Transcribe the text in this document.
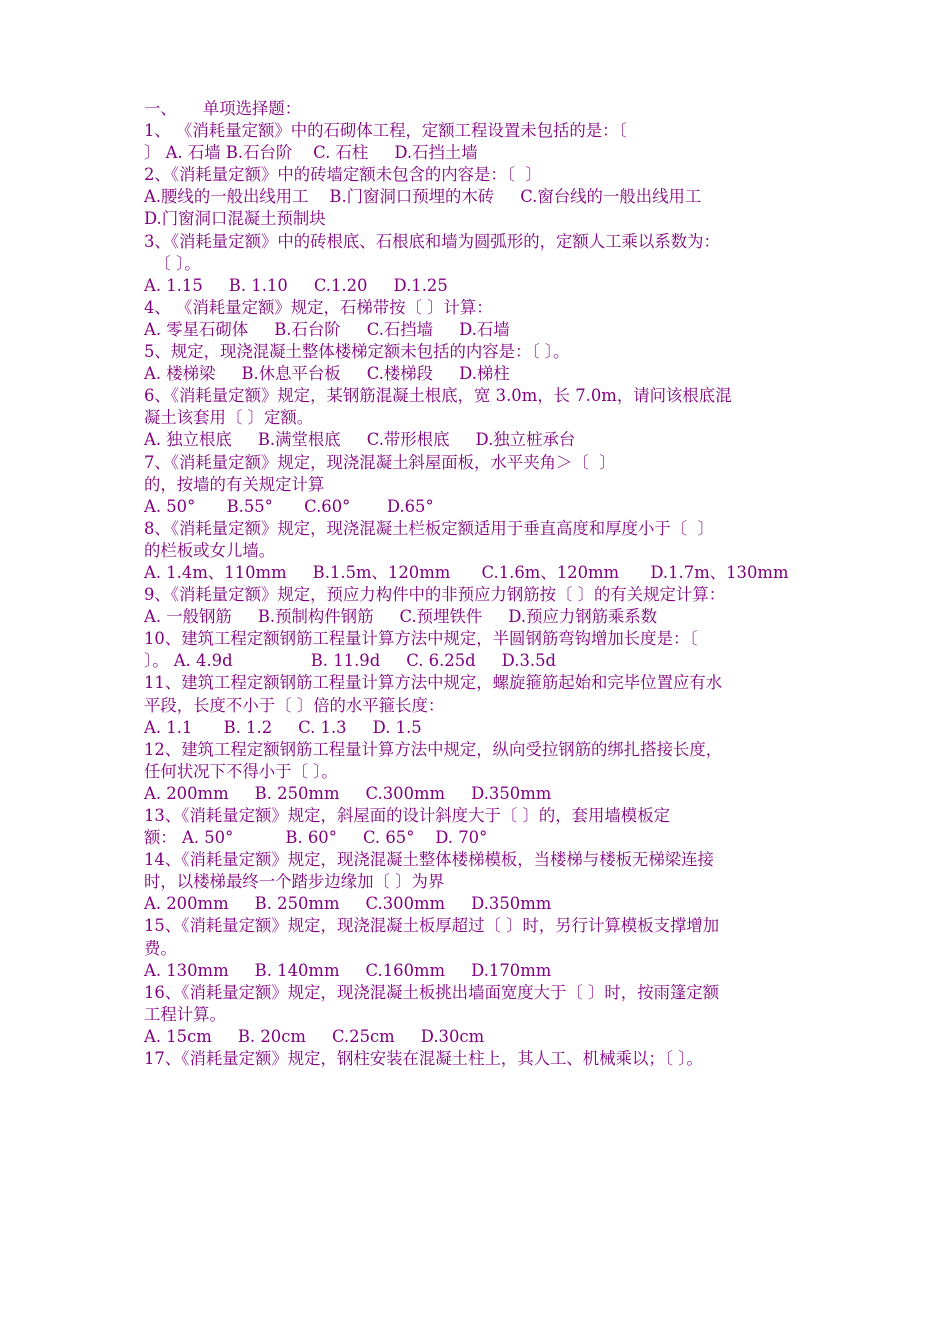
一、     单项选择题：
1、 《消耗量定额》中的石砌体工程，定额工程设置未包括的是：〔
〕 A. 石墙 B.石台阶    C. 石柱     D.石挡土墙
2、《消耗量定额》中的砖墙定额未包含的内容是：〔  〕
A.腰线的一般出线用工    B.门窗洞口预埋的木砖     C.窗台线的一般出线用工
D.门窗洞口混凝土预制块
3、《消耗量定额》中的砖根底、石根底和墙为圆弧形的，定额人工乘以系数为：
〔 〕。
A. 1.15     B. 1.10     C.1.20     D.1.25
4、 《消耗量定额》规定，石梯带按〔 〕计算：
A. 零星石砌体     B.石台阶     C.石挡墙     D.石墙
5、规定，现浇混凝土整体楼梯定额未包括的内容是：〔 〕。
A. 楼梯梁     B.休息平台板     C.楼梯段     D.梯柱
6、《消耗量定额》规定，某钢筋混凝土根底，宽 3.0m，长 7.0m，请问该根底混
凝土该套用〔 〕定额。
A. 独立根底     B.满堂根底     C.带形根底     D.独立桩承台
7、《消耗量定额》规定，现浇混凝土斜屋面板，水平夹角＞〔  〕
的，按墙的有关规定计算
A. 50°      B.55°      C.60°       D.65°
8、《消耗量定额》规定，现浇混凝土栏板定额适用于垂直高度和厚度小于〔  〕
的栏板或女儿墙。
A. 1.4m、110mm     B.1.5m、120mm      C.1.6m、120mm      D.1.7m、130mm
9、《消耗量定额》规定，预应力构件中的非预应力钢筋按〔 〕的有关规定计算：
A. 一般钢筋     B.预制构件钢筋     C.预埋铁件     D.预应力钢筋乘系数
10、建筑工程定额钢筋工程量计算方法中规定，半圆钢筋弯钩增加长度是：〔
〕。 A. 4.9d               B. 11.9d     C. 6.25d     D.3.5d
11、建筑工程定额钢筋工程量计算方法中规定，螺旋箍筋起始和完毕位置应有水
平段，长度不小于〔 〕倍的水平箍长度：
A. 1.1      B. 1.2     C. 1.3     D. 1.5
12、建筑工程定额钢筋工程量计算方法中规定，纵向受拉钢筋的绑扎搭接长度，
任何状况下不得小于〔 〕。
A. 200mm     B. 250mm     C.300mm     D.350mm
13、《消耗量定额》规定，斜屋面的设计斜度大于〔 〕的，套用墙模板定
额： A. 50°          B. 60°     C. 65°    D. 70°
14、《消耗量定额》规定，现浇混凝土整体楼梯模板，当楼梯与楼板无梯梁连接
时，以楼梯最终一个踏步边缘加〔 〕为界
A. 200mm     B. 250mm     C.300mm     D.350mm
15、《消耗量定额》规定，现浇混凝土板厚超过〔 〕时，另行计算模板支撑增加
费。
A. 130mm     B. 140mm     C.160mm     D.170mm
16、《消耗量定额》规定，现浇混凝土板挑出墙面宽度大于〔 〕时，按雨篷定额
工程计算。
A. 15cm     B. 20cm     C.25cm     D.30cm
17、《消耗量定额》规定，钢柱安装在混凝土柱上，其人工、机械乘以；〔 〕。
